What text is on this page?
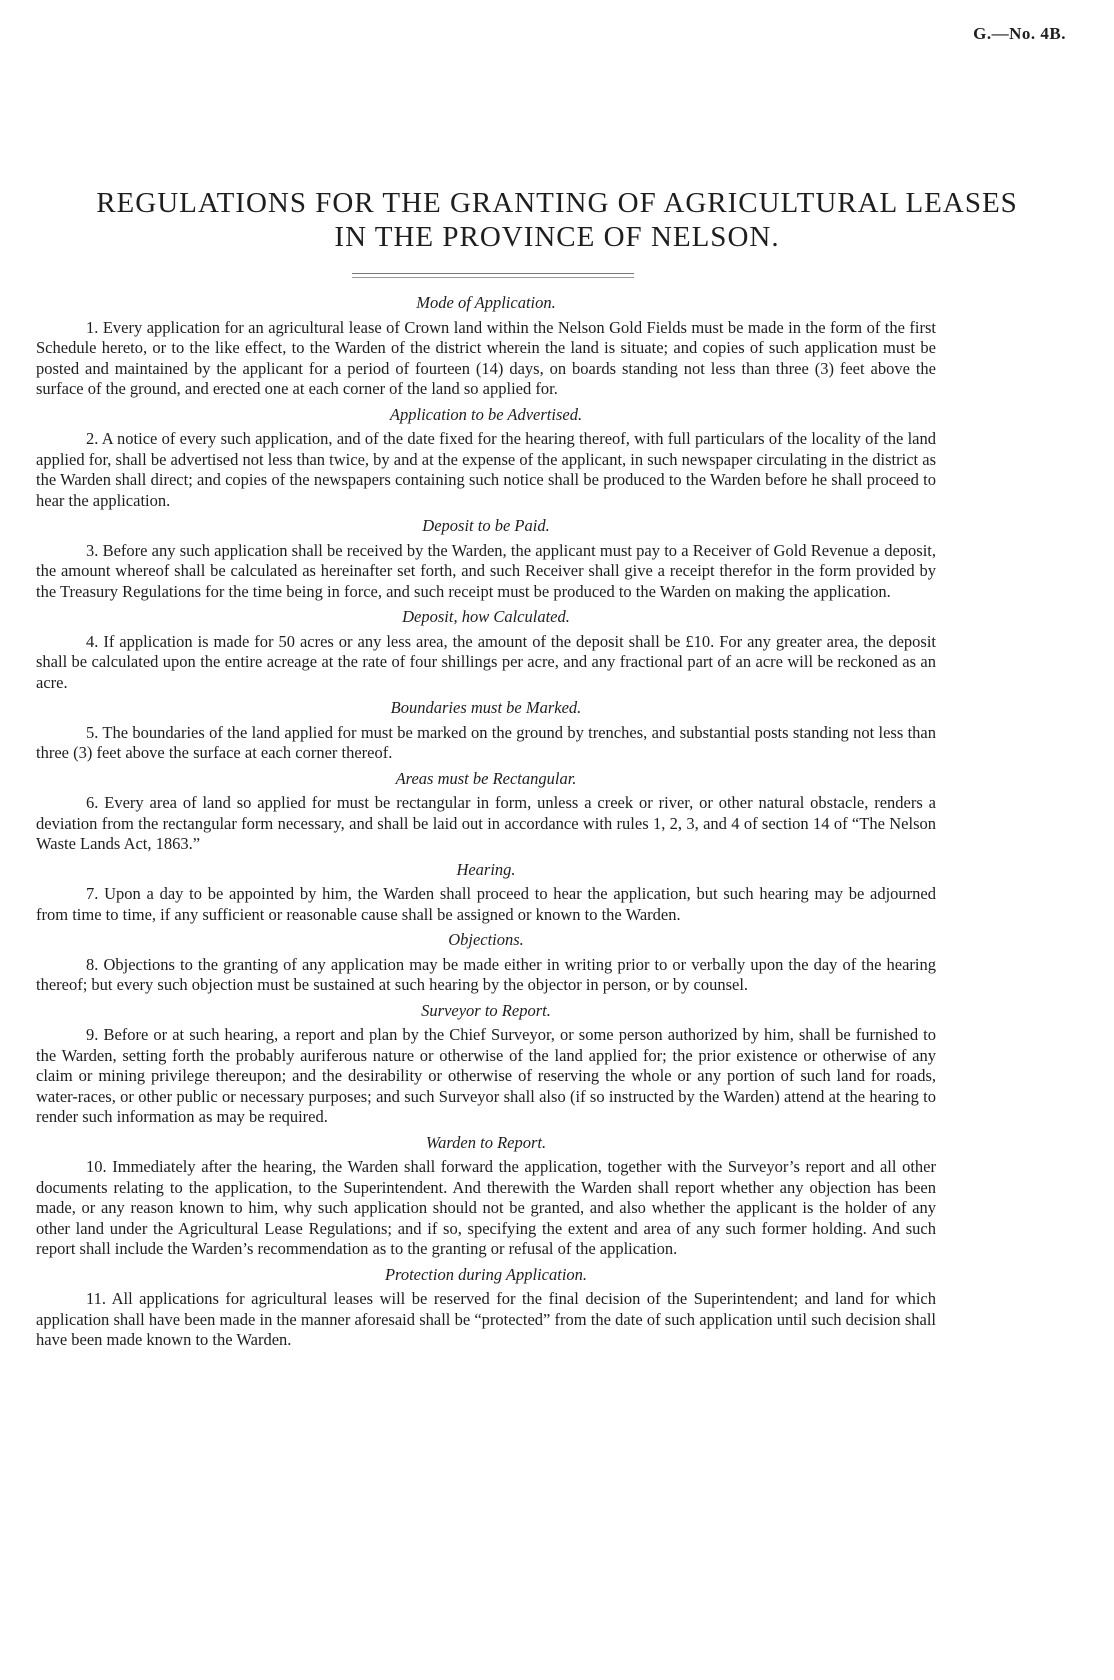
G.—No. 4B.
REGULATIONS FOR THE GRANTING OF AGRICULTURAL LEASES
IN THE PROVINCE OF NELSON.

Mode of Application.

1. Every application for an agricultural lease of Crown land within the Nelson Gold Fields must be made in the form of the first Schedule hereto, or to the like effect, to the Warden of the district wherein the land is situate; and copies of such application must be posted and maintained by the applicant for a period of fourteen (14) days, on boards standing not less than three (3) feet above the surface of the ground, and erected one at each corner of the land so applied for.

Application to be Advertised.

2. A notice of every such application, and of the date fixed for the hearing thereof, with full particulars of the locality of the land applied for, shall be advertised not less than twice, by and at the expense of the applicant, in such newspaper circulating in the district as the Warden shall direct; and copies of the newspapers containing such notice shall be produced to the Warden before he shall proceed to hear the application.

Deposit to be Paid.

3. Before any such application shall be received by the Warden, the applicant must pay to a Receiver of Gold Revenue a deposit, the amount whereof shall be calculated as hereinafter set forth, and such Receiver shall give a receipt therefor in the form provided by the Treasury Regulations for the time being in force, and such receipt must be produced to the Warden on making the application.

Deposit, how Calculated.

4. If application is made for 50 acres or any less area, the amount of the deposit shall be £10. For any greater area, the deposit shall be calculated upon the entire acreage at the rate of four shillings per acre, and any fractional part of an acre will be reckoned as an acre.

Boundaries must be Marked.

5. The boundaries of the land applied for must be marked on the ground by trenches, and substantial posts standing not less than three (3) feet above the surface at each corner thereof.

Areas must be Rectangular.

6. Every area of land so applied for must be rectangular in form, unless a creek or river, or other natural obstacle, renders a deviation from the rectangular form necessary, and shall be laid out in accordance with rules 1, 2, 3, and 4 of section 14 of “The Nelson Waste Lands Act, 1863.”

Hearing.

7. Upon a day to be appointed by him, the Warden shall proceed to hear the application, but such hearing may be adjourned from time to time, if any sufficient or reasonable cause shall be assigned or known to the Warden.

Objections.

8. Objections to the granting of any application may be made either in writing prior to or verbally upon the day of the hearing thereof; but every such objection must be sustained at such hearing by the objector in person, or by counsel.

Surveyor to Report.

9. Before or at such hearing, a report and plan by the Chief Surveyor, or some person authorized by him, shall be furnished to the Warden, setting forth the probably auriferous nature or otherwise of the land applied for; the prior existence or otherwise of any claim or mining privilege thereupon; and the desirability or otherwise of reserving the whole or any portion of such land for roads, water-races, or other public or necessary purposes; and such Surveyor shall also (if so instructed by the Warden) attend at the hearing to render such information as may be required.

Warden to Report.

10. Immediately after the hearing, the Warden shall forward the application, together with the Surveyor’s report and all other documents relating to the application, to the Superintendent. And therewith the Warden shall report whether any objection has been made, or any reason known to him, why such application should not be granted, and also whether the applicant is the holder of any other land under the Agricultural Lease Regulations; and if so, specifying the extent and area of any such former holding. And such report shall include the Warden’s recommendation as to the granting or refusal of the application.

Protection during Application.

11. All applications for agricultural leases will be reserved for the final decision of the Superintendent; and land for which application shall have been made in the manner aforesaid shall be “protected” from the date of such application until such decision shall have been made known to the Warden.
